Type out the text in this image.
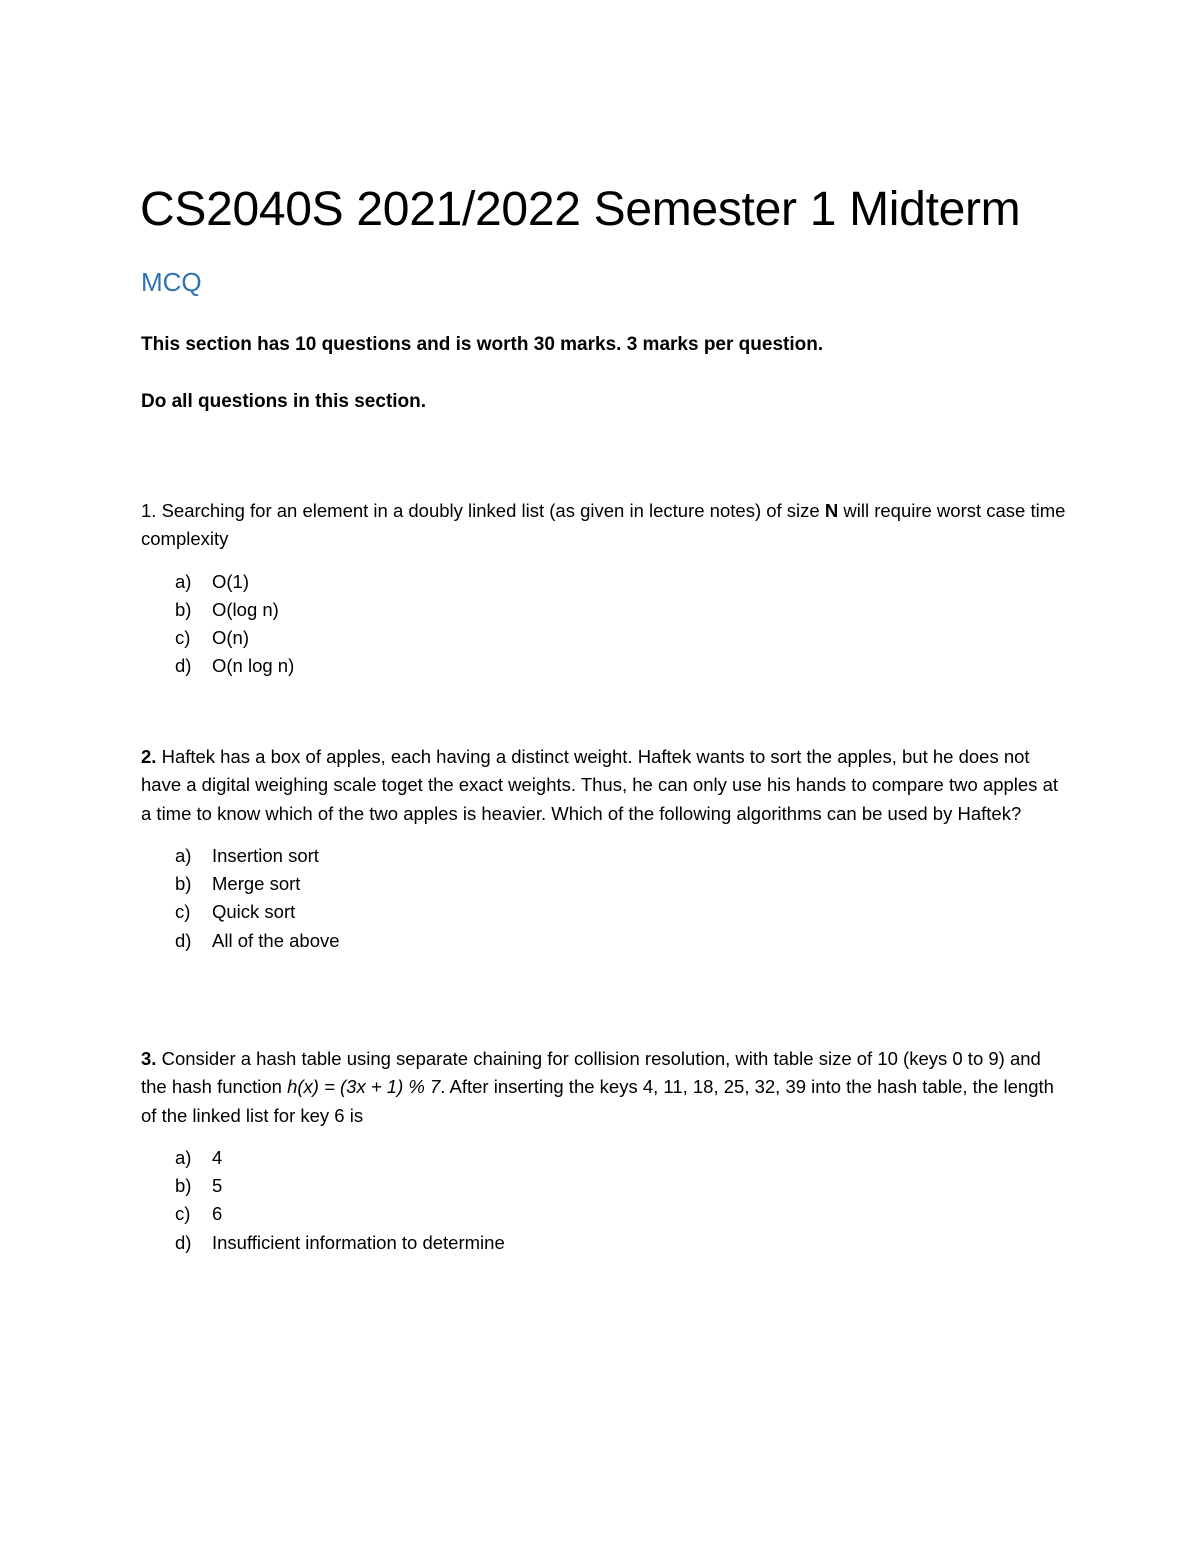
CS2040S 2021/2022 Semester 1 Midterm
MCQ
This section has 10 questions and is worth 30 marks. 3 marks per question.
Do all questions in this section.

1. Searching for an element in a doubly linked list (as given in lecture notes) of size N will require worst case time complexity

a)	O(1)
b)	O(log n)
c)	O(n)
d)	O(n log n)

2. Haftek has a box of apples, each having a distinct weight. Haftek wants to sort the apples, but he does not have a digital weighing scale toget the exact weights. Thus, he can only use his hands to compare two apples at a time to know which of the two apples is heavier. Which of the following algorithms can be used by Haftek?

a)	Insertion sort
b)	Merge sort
c)	Quick sort
d)	All of the above

3. Consider a hash table using separate chaining for collision resolution, with table size of 10 (keys 0 to 9) and the hash function h(x) = (3x + 1) % 7. After inserting the keys 4, 11, 18, 25, 32, 39 into the hash table, the length of the linked list for key 6 is

a)	4
b)	5
c)	6
d)	Insufficient information to determine
